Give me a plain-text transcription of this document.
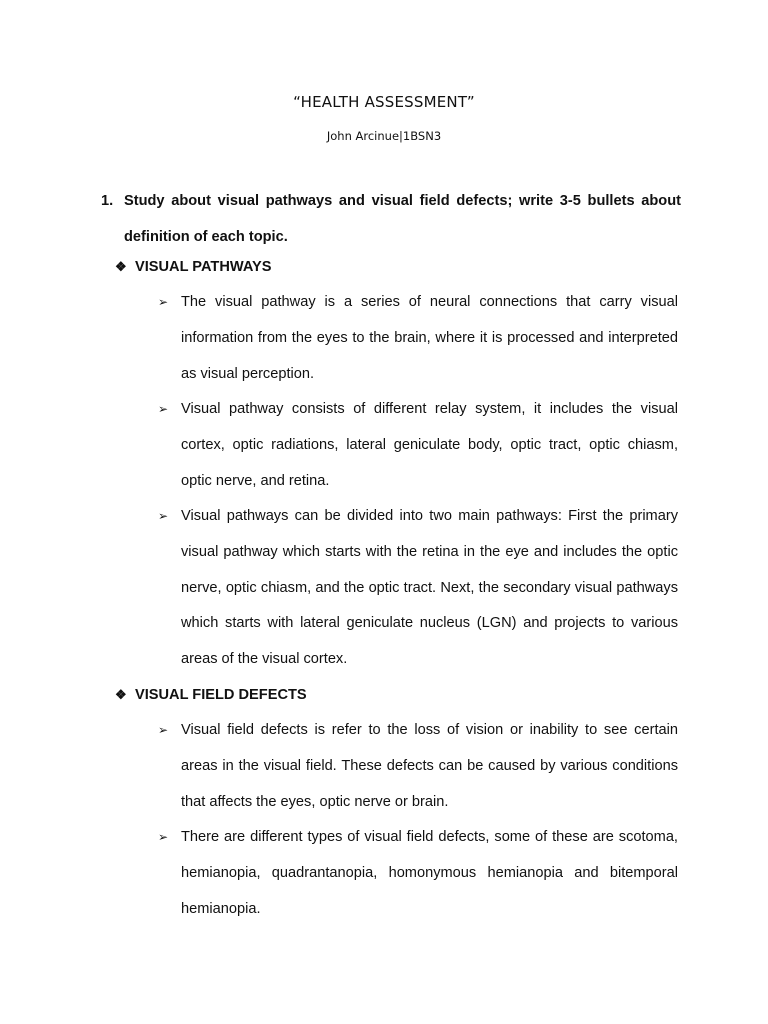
“HEALTH ASSESSMENT”
John Arcinue|1BSN3
1. Study about visual pathways and visual field defects; write 3-5 bullets about definition of each topic.
❖ VISUAL PATHWAYS
➢ The visual pathway is a series of neural connections that carry visual information from the eyes to the brain, where it is processed and interpreted as visual perception.
➢ Visual pathway consists of different relay system, it includes the visual cortex, optic radiations, lateral geniculate body, optic tract, optic chiasm, optic nerve, and retina.
➢ Visual pathways can be divided into two main pathways: First the primary visual pathway which starts with the retina in the eye and includes the optic nerve, optic chiasm, and the optic tract. Next, the secondary visual pathways which starts with lateral geniculate nucleus (LGN) and projects to various areas of the visual cortex.
❖ VISUAL FIELD DEFECTS
➢ Visual field defects is refer to the loss of vision or inability to see certain areas in the visual field. These defects can be caused by various conditions that affects the eyes, optic nerve or brain.
➢ There are different types of visual field defects, some of these are scotoma, hemianopia, quadrantanopia, homonymous hemianopia and bitemporal hemianopia.
